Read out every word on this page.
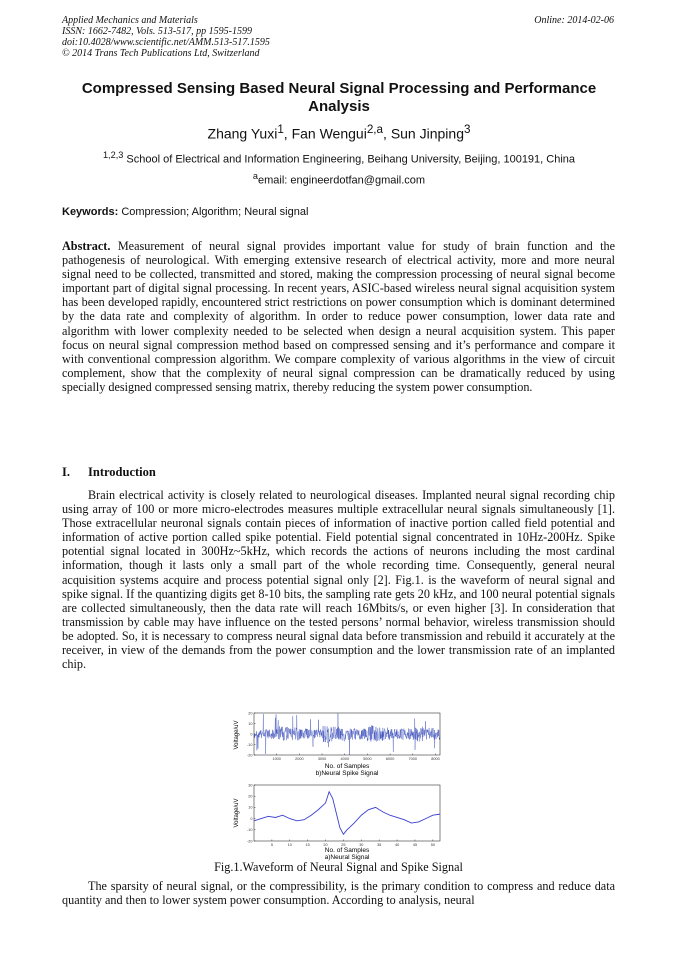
Applied Mechanics and Materials
ISSN: 1662-7482, Vols. 513-517, pp 1595-1599
doi:10.4028/www.scientific.net/AMM.513-517.1595
© 2014 Trans Tech Publications Ltd, Switzerland
Online: 2014-02-06
Compressed Sensing Based Neural Signal Processing and Performance Analysis
Zhang Yuxi$^1$, Fan Wengui$^{2,a}$, Sun Jinping$^3$
$^{1,2,3}$ School of Electrical and Information Engineering, Beihang University, Beijing, 100191, China
$^a$email: engineerdotfan@gmail.com
Keywords: Compression; Algorithm; Neural signal

Abstract. Measurement of neural signal provides important value for study of brain function and the pathogenesis of neurological. With emerging extensive research of electrical activity, more and more neural signal need to be collected, transmitted and stored, making the compression processing of neural signal become important part of digital signal processing. In recent years, ASIC-based wireless neural signal acquisition system has been developed rapidly, encountered strict restrictions on power consumption which is dominant determined by the data rate and complexity of algorithm. In order to reduce power consumption, lower data rate and algorithm with lower complexity needed to be selected when design a neural acquisition system. This paper focus on neural signal compression method based on compressed sensing and it’s performance and compare it with conventional compression algorithm. We compare complexity of various algorithms in the view of circuit complement, show that the complexity of neural signal compression can be dramatically reduced by using specially designed compressed sensing matrix, thereby reducing the system power consumption.

I. Introduction

Brain electrical activity is closely related to neurological diseases. Implanted neural signal recording chip using array of 100 or more micro-electrodes measures multiple extracellular neural signals simultaneously [1]. Those extracellular neuronal signals contain pieces of information of inactive portion called field potential and information of active portion called spike potential. Field potential signal concentrated in 10Hz-200Hz. Spike potential signal located in 300Hz~5kHz, which records the actions of neurons including the most cardinal information, though it lasts only a small part of the whole recording time. Consequently, general neural acquisition systems acquire and process potential signal only [2]. Fig.1. is the waveform of neural signal and spike signal. If the quantizing digits get 8-10 bits, the sampling rate gets 20 kHz, and 100 neural potential signals are collected simultaneously, then the data rate will reach 16Mbits/s, or even higher [3]. In consideration that transmission by cable may have influence on the tested persons’ normal behavior, wireless transmission should be adopted. So, it is necessary to compress neural signal data before transmission and rebuild it accurately at the receiver, in view of the demands from the power consumption and the lower transmission rate of an implanted chip.

1000	2000	3000	4000	5000	6000	7000	8000
-20
-10
0
10
20
Voltage/uV
No. of Samples
b)Neural Spike Signal
5	10	15	20	25	30	35	40	45	50
-20
-10
0
10
20
30
Voltage/uV
No. of Samples
a)Neural Signal
Fig.1.Waveform of Neural Signal and Spike Signal

The sparsity of neural signal, or the compressibility, is the primary condition to compress and reduce data quantity and then to lower system power consumption. According to analysis, neural
